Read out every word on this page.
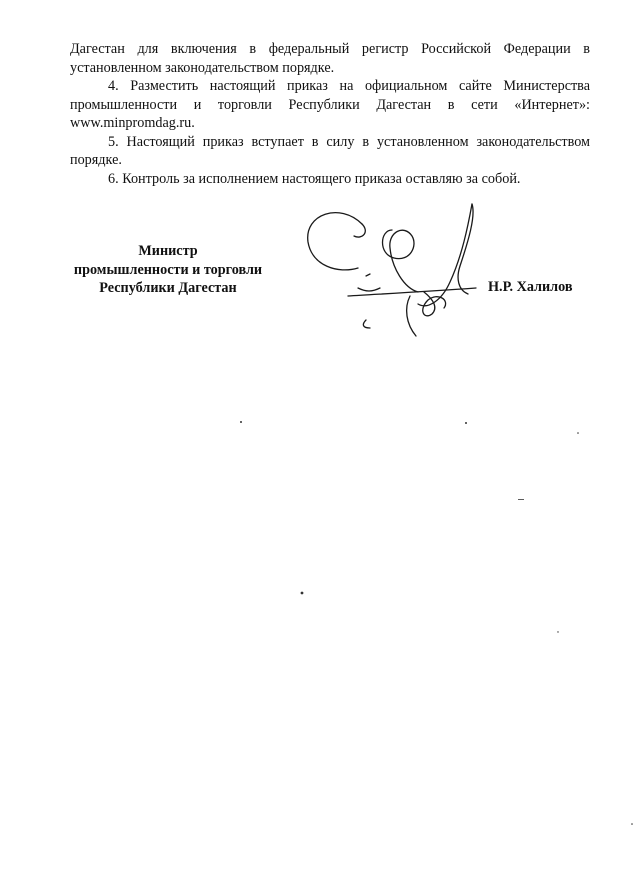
Дагестан для включения в федеральный регистр Российской Федерации в установленном законодательством порядке.

4. Разместить настоящий приказ на официальном сайте Министерства промышленности и торговли Республики Дагестан в сети «Интернет»: www.minpromdag.ru.

5. Настоящий приказ вступает в силу в установленном законодательством порядке.

6. Контроль за исполнением настоящего приказа оставляю за собой.

Министр
промышленности и торговли
Республики Дагестан	Н.Р. Халилов
